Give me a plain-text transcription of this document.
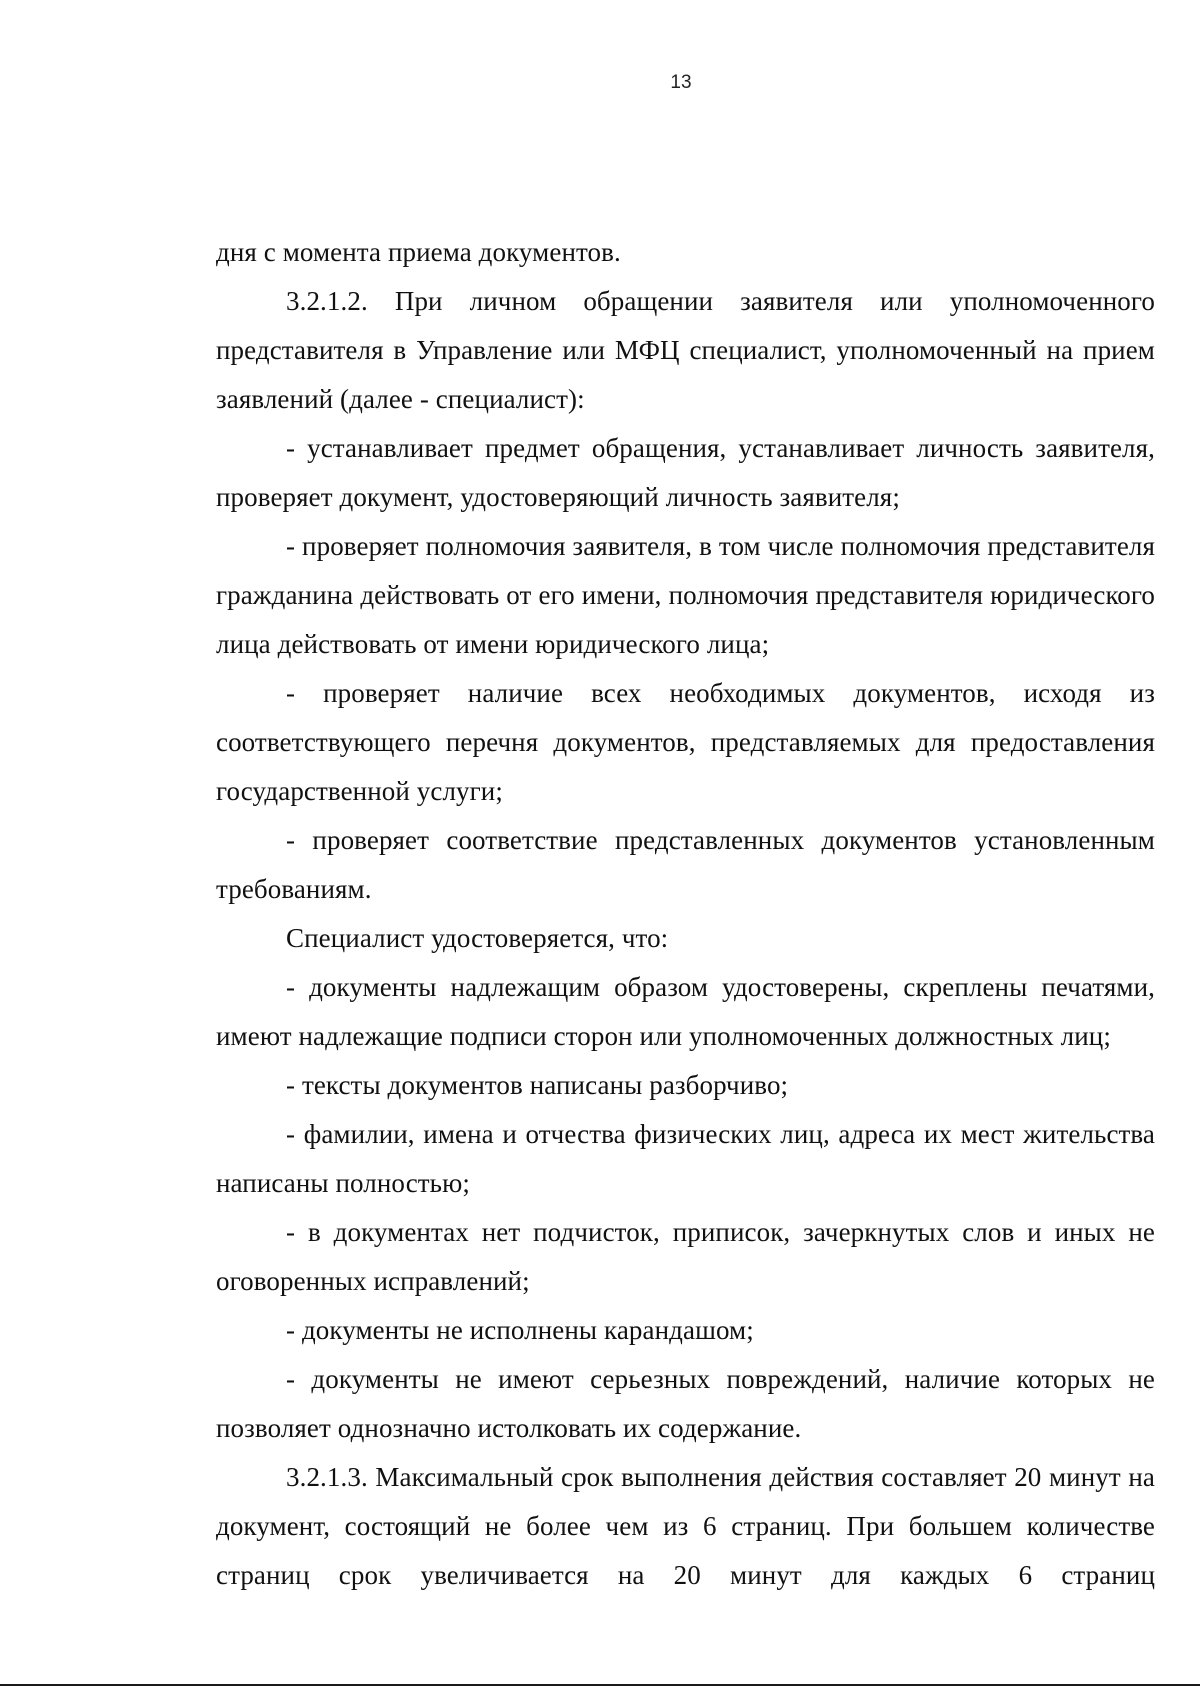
13

дня с момента приема документов.

3.2.1.2. При личном обращении заявителя или уполномоченного представителя в Управление или МФЦ специалист, уполномоченный на прием заявлений (далее - специалист):

- устанавливает предмет обращения, устанавливает личность заявителя, проверяет документ, удостоверяющий личность заявителя;

- проверяет полномочия заявителя, в том числе полномочия представителя гражданина действовать от его имени, полномочия представителя юридического лица действовать от имени юридического лица;

- проверяет наличие всех необходимых документов, исходя из соответствующего перечня документов, представляемых для предоставления государственной услуги;

- проверяет соответствие представленных документов установленным требованиям.

Специалист удостоверяется, что:

- документы надлежащим образом удостоверены, скреплены печатями, имеют надлежащие подписи сторон или уполномоченных должностных лиц;

- тексты документов написаны разборчиво;

- фамилии, имена и отчества физических лиц, адреса их мест жительства написаны полностью;

- в документах нет подчисток, приписок, зачеркнутых слов и иных не оговоренных исправлений;

- документы не исполнены карандашом;

- документы не имеют серьезных повреждений, наличие которых не позволяет однозначно истолковать их содержание.

3.2.1.3. Максимальный срок выполнения действия составляет 20 минут на документ, состоящий не более чем из 6 страниц. При большем количестве страниц срок увеличивается на 20 минут для каждых 6 страниц
